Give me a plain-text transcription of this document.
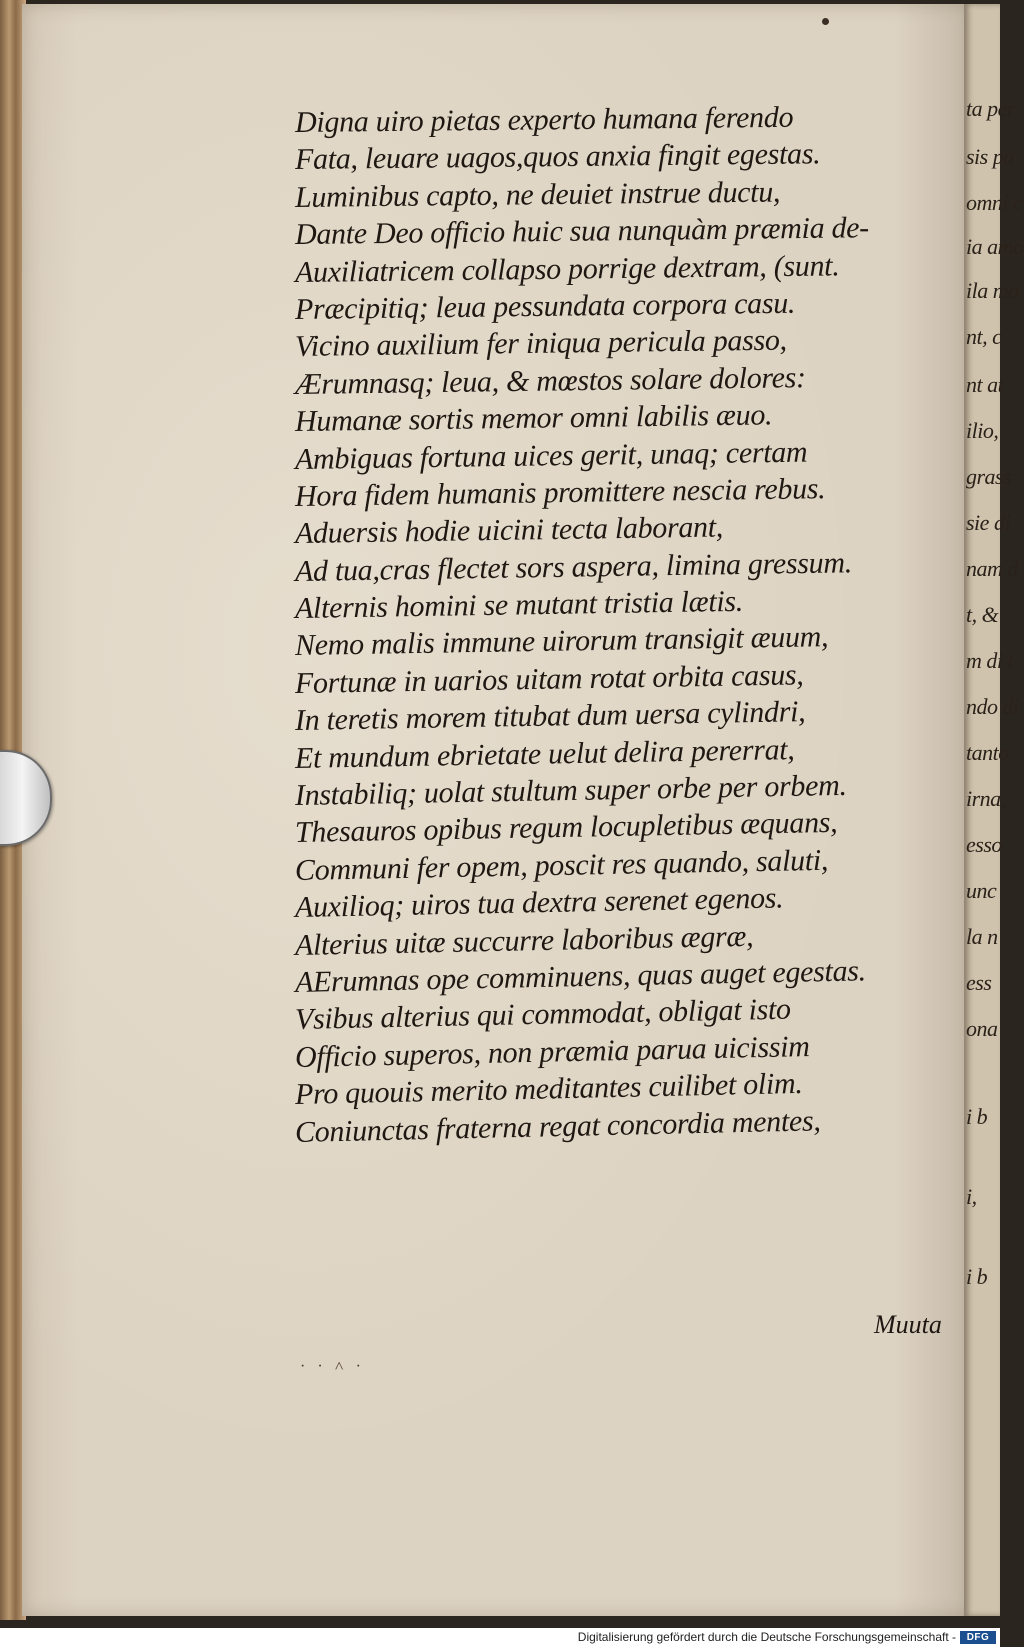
ta per
sis pa
omni c
ia amo
ila mo
nt, c
nt at
ilio,
grass
sie di
nam d
t, &
m di t
ndo di
tanto
irna,
esso
unc
la n
ess
ona
i b
i,
i b
Digna uiro pietas experto humana ferendo
Fata, leuare uagos,quos anxia fingit egestas.
Luminibus capto, ne deuiet instrue ductu,
Dante Deo officio huic sua nunquàm præmia de-
Auxiliatricem collapso porrige dextram, (sunt.
Præcipitiq; leua pessundata corpora casu.
Vicino auxilium fer iniqua pericula passo,
Ærumnasq; leua, & mœstos solare dolores:
Humanæ sortis memor omni labilis æuo.
Ambiguas fortuna uices gerit, unaq; certam
Hora fidem humanis promittere nescia rebus.
Aduersis hodie uicini tecta laborant,
Ad tua,cras flectet sors aspera, limina gressum.
Alternis homini se mutant tristia lætis.
Nemo malis immune uirorum transigit æuum,
Fortunæ in uarios uitam rotat orbita casus,
In teretis morem titubat dum uersa cylindri,
Et mundum ebrietate uelut delira pererrat,
Instabiliq; uolat stultum super orbe per orbem.
Thesauros opibus regum locupletibus æquans,
Communi fer opem, poscit res quando, saluti,
Auxilioq; uiros tua dextra serenet egenos.
Alterius uitæ succurre laboribus ægræ,
AErumnas ope comminuens, quas auget egestas.
Vsibus alterius qui commodat, obligat isto
Officio superos, non præmia parua uicissim
Pro quouis merito meditantes cuilibet olim.
Coniunctas fraterna regat concordia mentes,
Muuta
· · ˄ ·
Digitalisierung gefördert durch die Deutsche Forschungsgemeinschaft -	DFG
